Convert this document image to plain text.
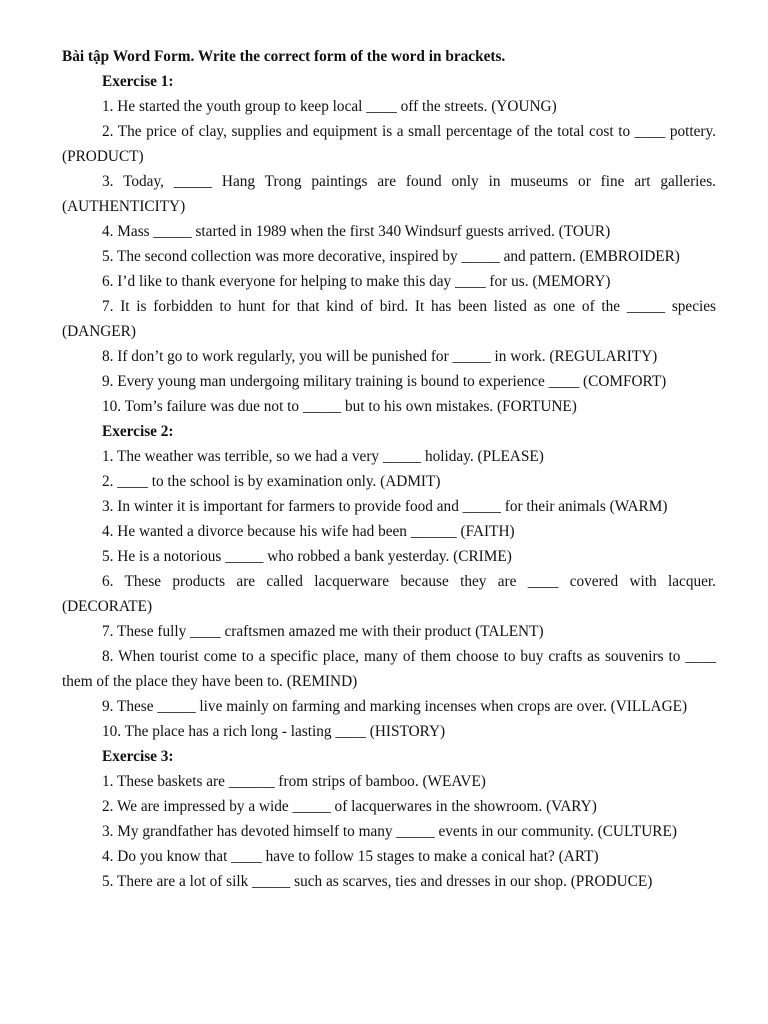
Bài tập Word Form. Write the correct form of the word in brackets.
Exercise 1:
1. He started the youth group to keep local ____ off the streets. (YOUNG)
2. The price of clay, supplies and equipment is a small percentage of the total cost to ____ pottery. (PRODUCT)
3. Today, _____ Hang Trong paintings are found only in museums or fine art galleries. (AUTHENTICITY)
4. Mass _____ started in 1989 when the first 340 Windsurf guests arrived. (TOUR)
5. The second collection was more decorative, inspired by _____ and pattern. (EMBROIDER)
6. I’d like to thank everyone for helping to make this day ____ for us. (MEMORY)
7. It is forbidden to hunt for that kind of bird. It has been listed as one of the _____ species (DANGER)
8. If don’t go to work regularly, you will be punished for _____ in work. (REGULARITY)
9. Every young man undergoing military training is bound to experience ____ (COMFORT)
10. Tom’s failure was due not to _____ but to his own mistakes. (FORTUNE)
Exercise 2:
1. The weather was terrible, so we had a very _____ holiday. (PLEASE)
2. ____ to the school is by examination only. (ADMIT)
3. In winter it is important for farmers to provide food and _____ for their animals (WARM)
4. He wanted a divorce because his wife had been ______ (FAITH)
5. He is a notorious _____ who robbed a bank yesterday. (CRIME)
6. These products are called lacquerware because they are ____ covered with lacquer. (DECORATE)
7. These fully ____ craftsmen amazed me with their product (TALENT)
8. When tourist come to a specific place, many of them choose to buy crafts as souvenirs to ____ them of the place they have been to. (REMIND)
9. These _____ live mainly on farming and marking incenses when crops are over. (VILLAGE)
10. The place has a rich long - lasting ____ (HISTORY)
Exercise 3:
1. These baskets are ______ from strips of bamboo. (WEAVE)
2. We are impressed by a wide _____ of lacquerwares in the showroom. (VARY)
3. My grandfather has devoted himself to many _____ events in our community. (CULTURE)
4. Do you know that ____ have to follow 15 stages to make a conical hat? (ART)
5. There are a lot of silk _____ such as scarves, ties and dresses in our shop. (PRODUCE)
